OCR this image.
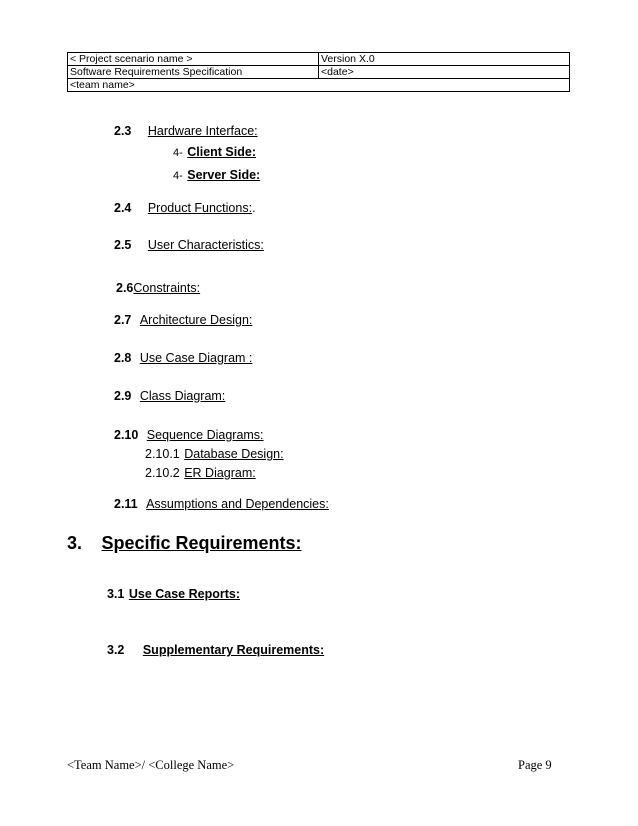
< Project scenario name >	Version X.0
Software Requirements Specification	<date>
<team name>	
2.3 Hardware Interface:
4- Client Side:
4- Server Side:
2.4 Product Functions:.
2.5 User Characteristics:
2.6Constraints:
2.7 Architecture Design:
2.8 Use Case Diagram :
2.9 Class Diagram:
2.10 Sequence Diagrams:
2.10.1 Database Design:
2.10.2 ER Diagram:
2.11 Assumptions and Dependencies:
3. Specific Requirements:
3.1 Use Case Reports:
3.2 Supplementary Requirements:
<Team Name>/ <College Name>	Page 9
